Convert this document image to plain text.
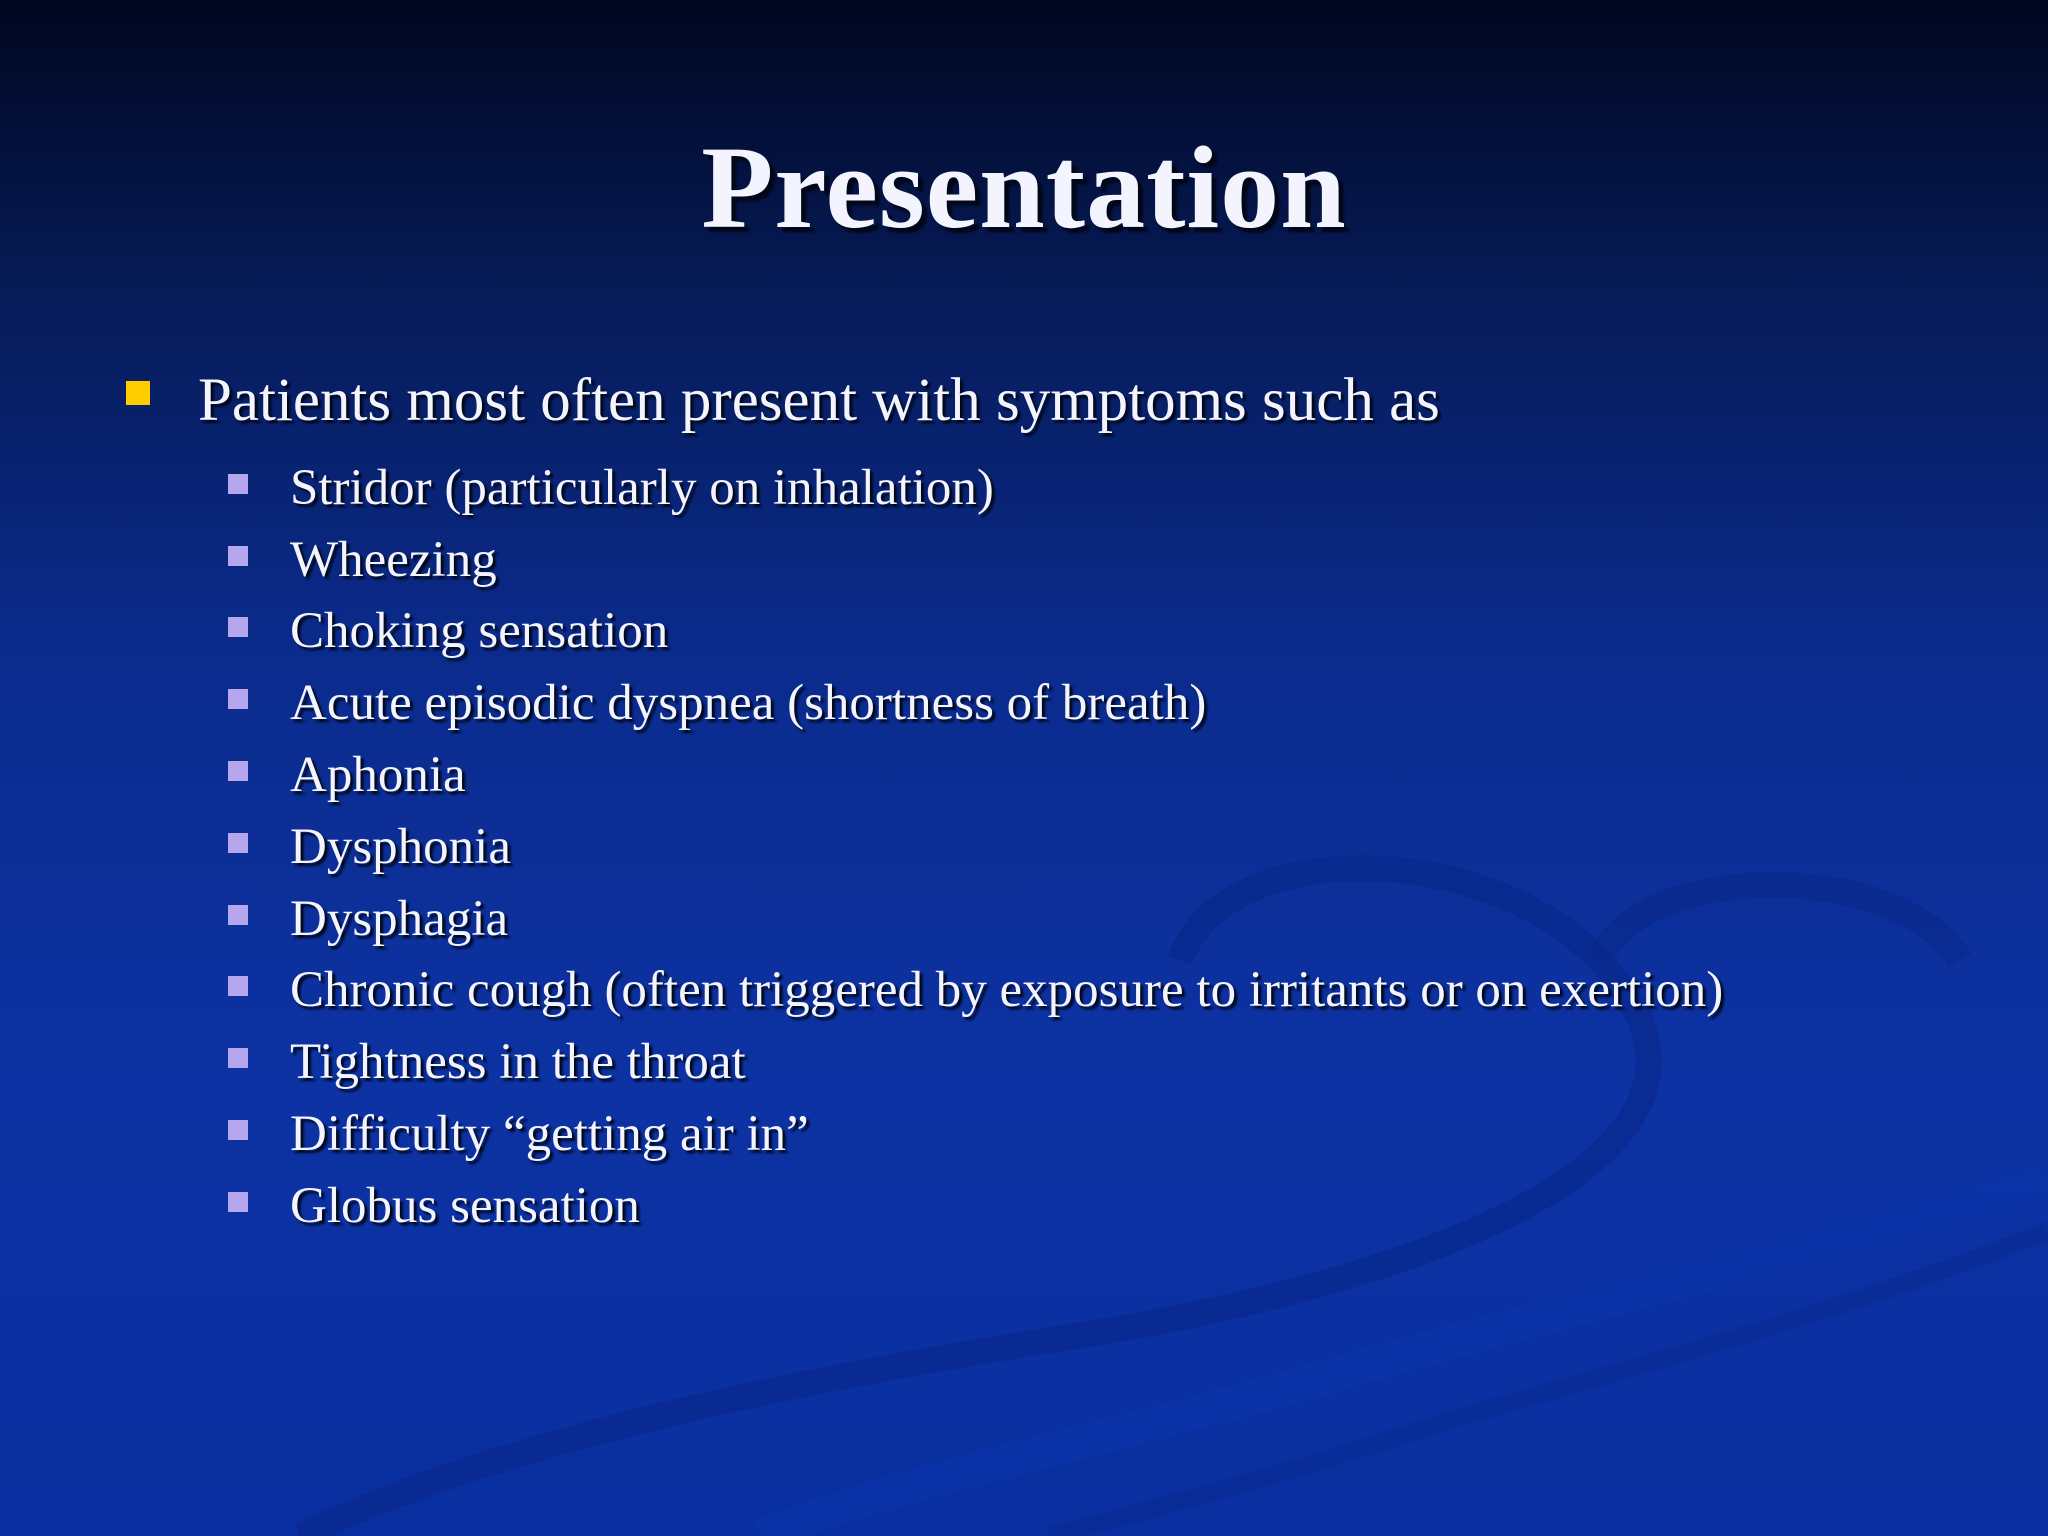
Presentation
Patients most often present with symptoms such as
Stridor (particularly on inhalation)
Wheezing
Choking sensation
Acute episodic dyspnea (shortness of breath)
Aphonia
Dysphonia
Dysphagia
Chronic cough (often triggered by exposure to irritants or on exertion)
Tightness in the throat
Difficulty “getting air in”
Globus sensation
